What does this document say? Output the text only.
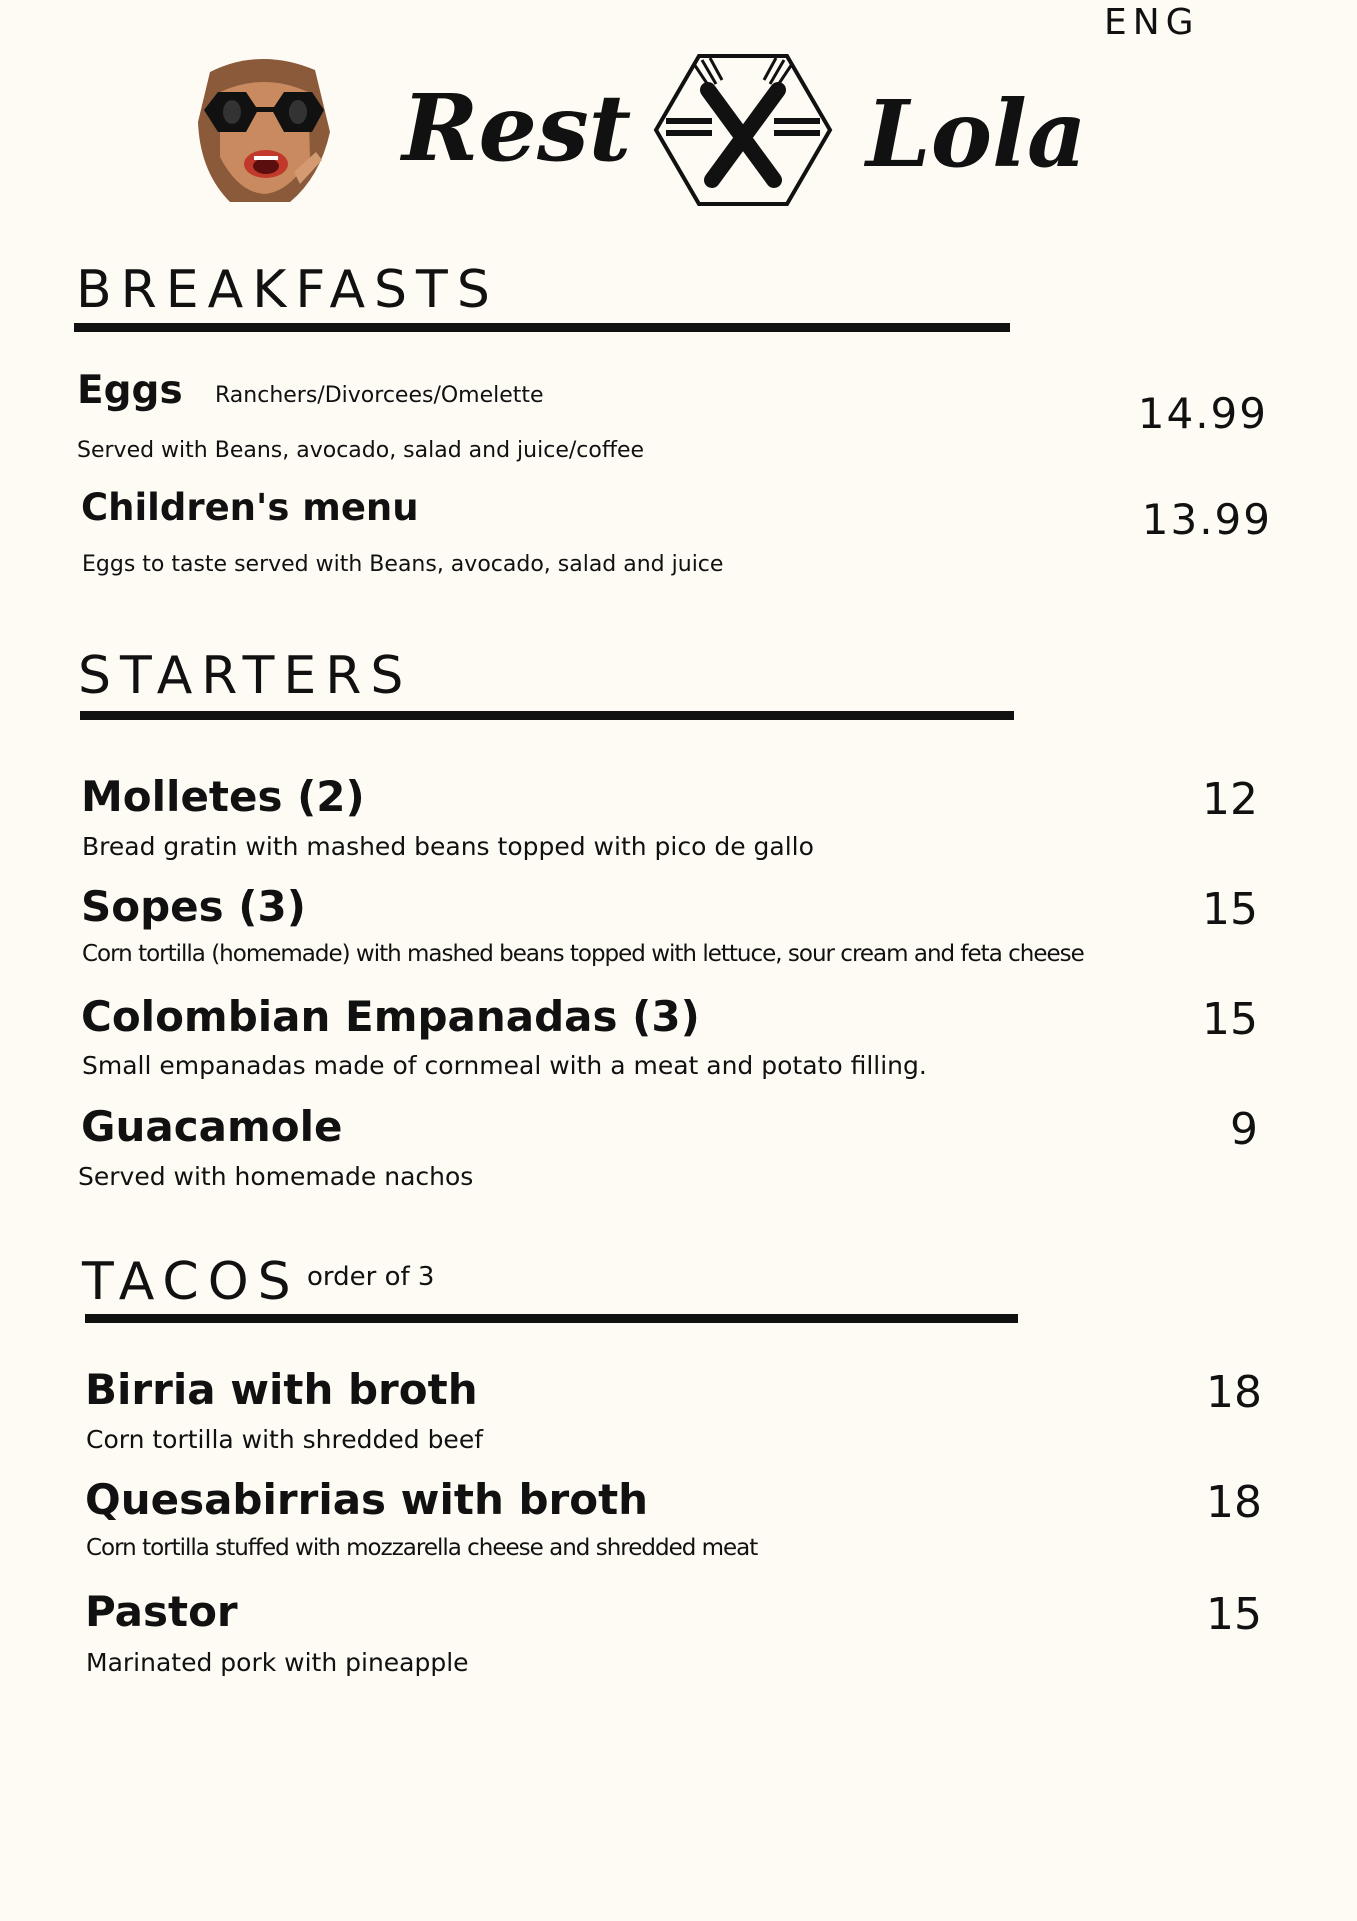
ENG
Rest	Lola
BREAKFASTS
Eggs Ranchers/Divorcees/Omelette	14.99
Served with Beans, avocado, salad and juice/coffee
Children's menu	13.99
Eggs to taste served with Beans, avocado, salad and juice
STARTERS
Molletes (2)	12
Bread gratin with mashed beans topped with pico de gallo
Sopes (3)	15
Corn tortilla (homemade) with mashed beans topped with lettuce, sour cream and feta cheese
Colombian Empanadas (3)	15
Small empanadas made of cornmeal with a meat and potato filling.
Guacamole	9
Served with homemade nachos
TACOS order of 3
Birria with broth	18
Corn tortilla with shredded beef
Quesabirrias with broth	18
Corn tortilla stuffed with mozzarella cheese and shredded meat
Pastor	15
Marinated pork with pineapple
